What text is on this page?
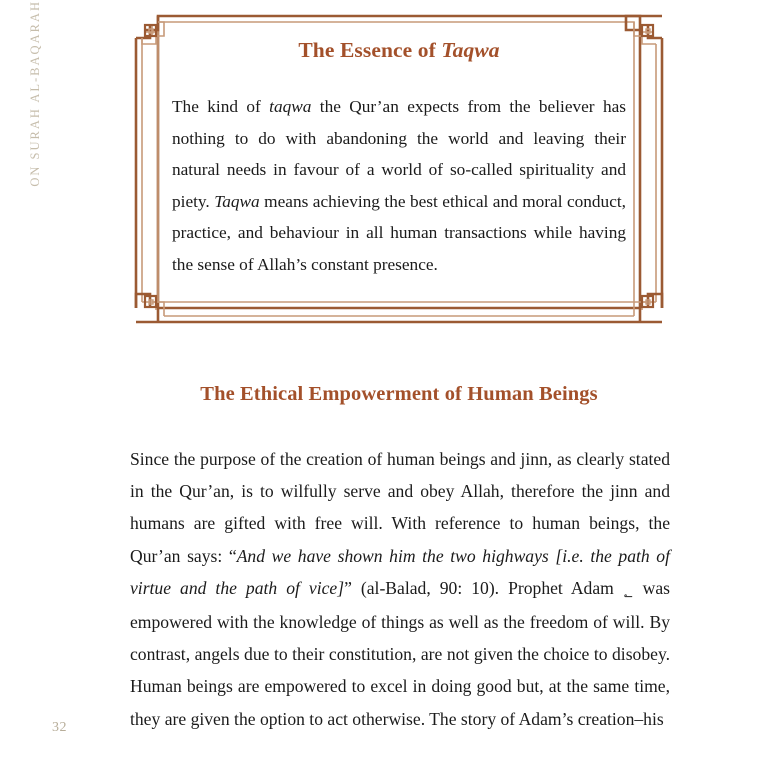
ON SURAH AL-BAQARAH
32
The Essence of Taqwa

The kind of taqwa the Qur’an expects from the believer has nothing to do with abandoning the world and leaving their natural needs in favour of a world of so-called spirituality and piety. Taqwa means achieving the best ethical and moral conduct, practice, and behaviour in all human transactions while having the sense of Allah’s constant presence.

The Ethical Empowerment of Human Beings

Since the purpose of the creation of human beings and jinn, as clearly stated in the Qur’an, is to wilfully serve and obey Allah, therefore the jinn and humans are gifted with free will. With reference to human beings, the Qur’an says: “And we have shown him the two highways [i.e. the path of virtue and the path of vice]” (al-Balad, 90: 10). Prophet Adam ؂ was empowered with the knowledge of things as well as the freedom of will. By contrast, angels due to their constitution, are not given the choice to disobey. Human beings are empowered to excel in doing good but, at the same time, they are given the option to act otherwise. The story of Adam’s creation–his
